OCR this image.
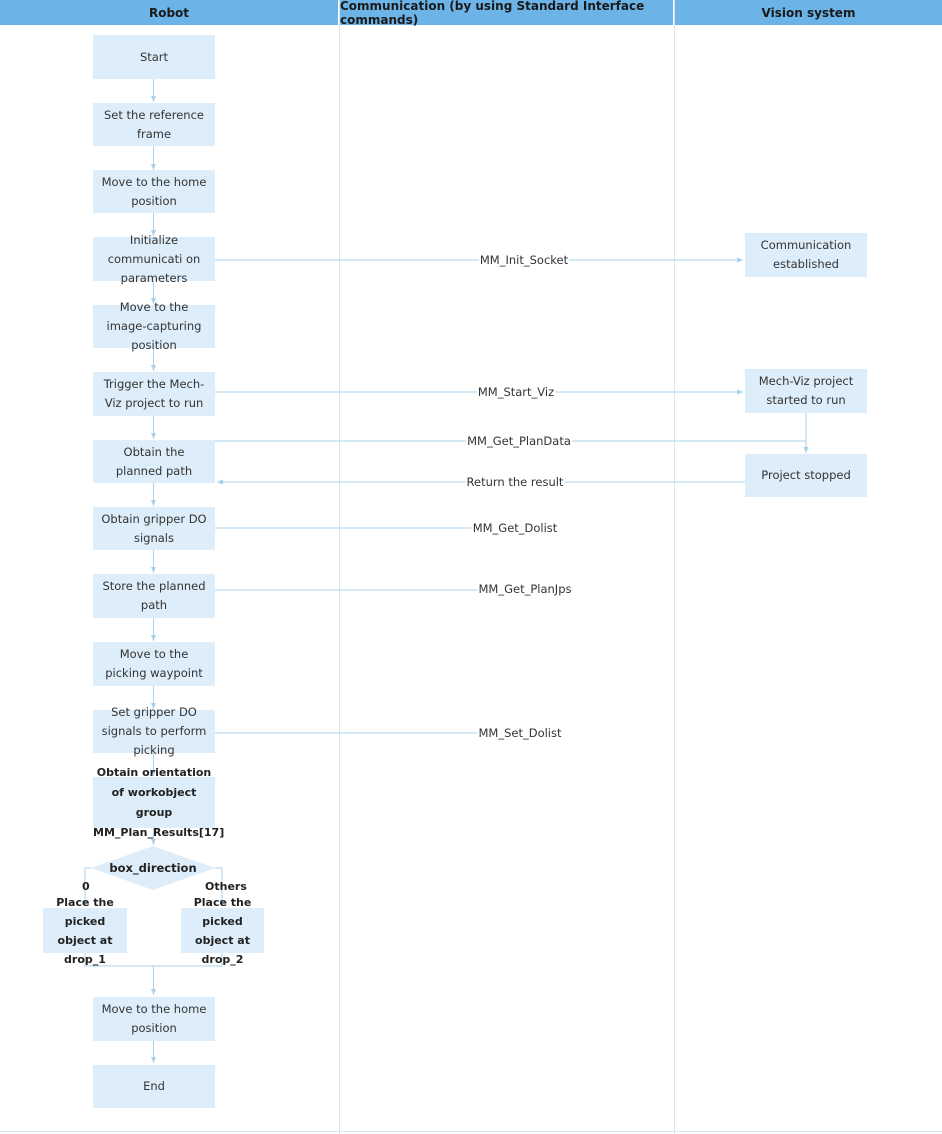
Robot	Communication (by using Standard Interface commands)	Vision system
Start
Set the reference frame
Move to the home position
Initialize communicati on parameters
Move to the image-capturing position
Trigger the Mech-Viz project to run
Obtain the planned path
Obtain gripper DO signals
Store the planned path
Move to the picking waypoint
Set gripper DO signals to perform picking
Obtain orientation of workobject group MM_Plan_Results[17]
box_direction
0	Others
Place the picked object at drop_1
Place the picked object at drop_2
Move to the home position
End
Communication established
Mech-Viz project started to run
Project stopped
MM_Init_Socket
MM_Start_Viz
MM_Get_PlanData
Return the result
MM_Get_Dolist
MM_Get_PlanJps
MM_Set_Dolist
